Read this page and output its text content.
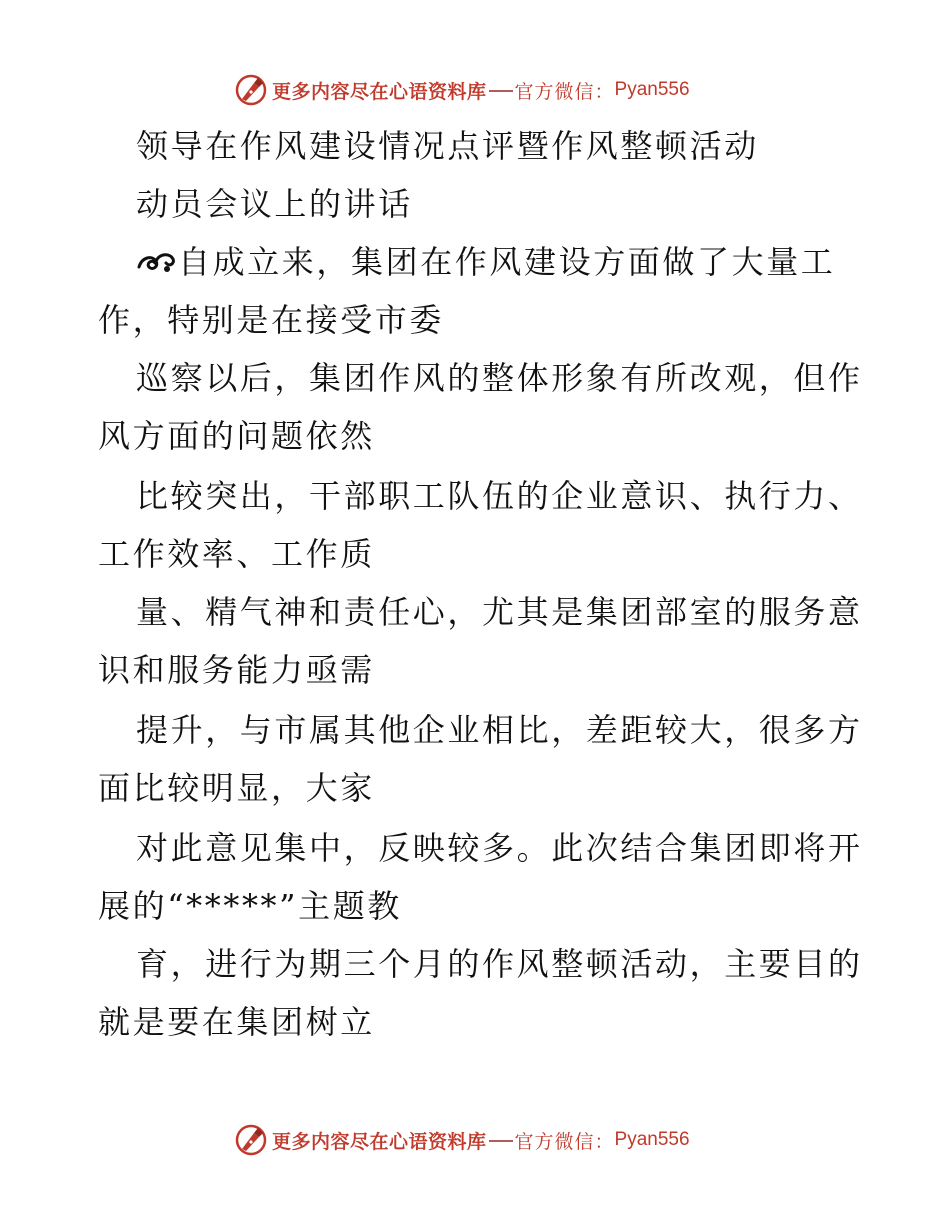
更多内容尽在心语资料库 官方微信： Pyan556
领导在作风建设情况点评暨作风整顿活动
动员会议上的讲话
自成立来，集团在作风建设方面做了大量工
作，特别是在接受市委
巡察以后，集团作风的整体形象有所改观，但作
风方面的问题依然
比较突出，干部职工队伍的企业意识、执行力、
工作效率、工作质
量、精气神和责任心，尤其是集团部室的服务意
识和服务能力亟需
提升，与市属其他企业相比，差距较大，很多方
面比较明显，大家
对此意见集中，反映较多。此次结合集团即将开
展的“*****”主题教
育，进行为期三个月的作风整顿活动，主要目的
就是要在集团树立
更多内容尽在心语资料库 官方微信： Pyan556
